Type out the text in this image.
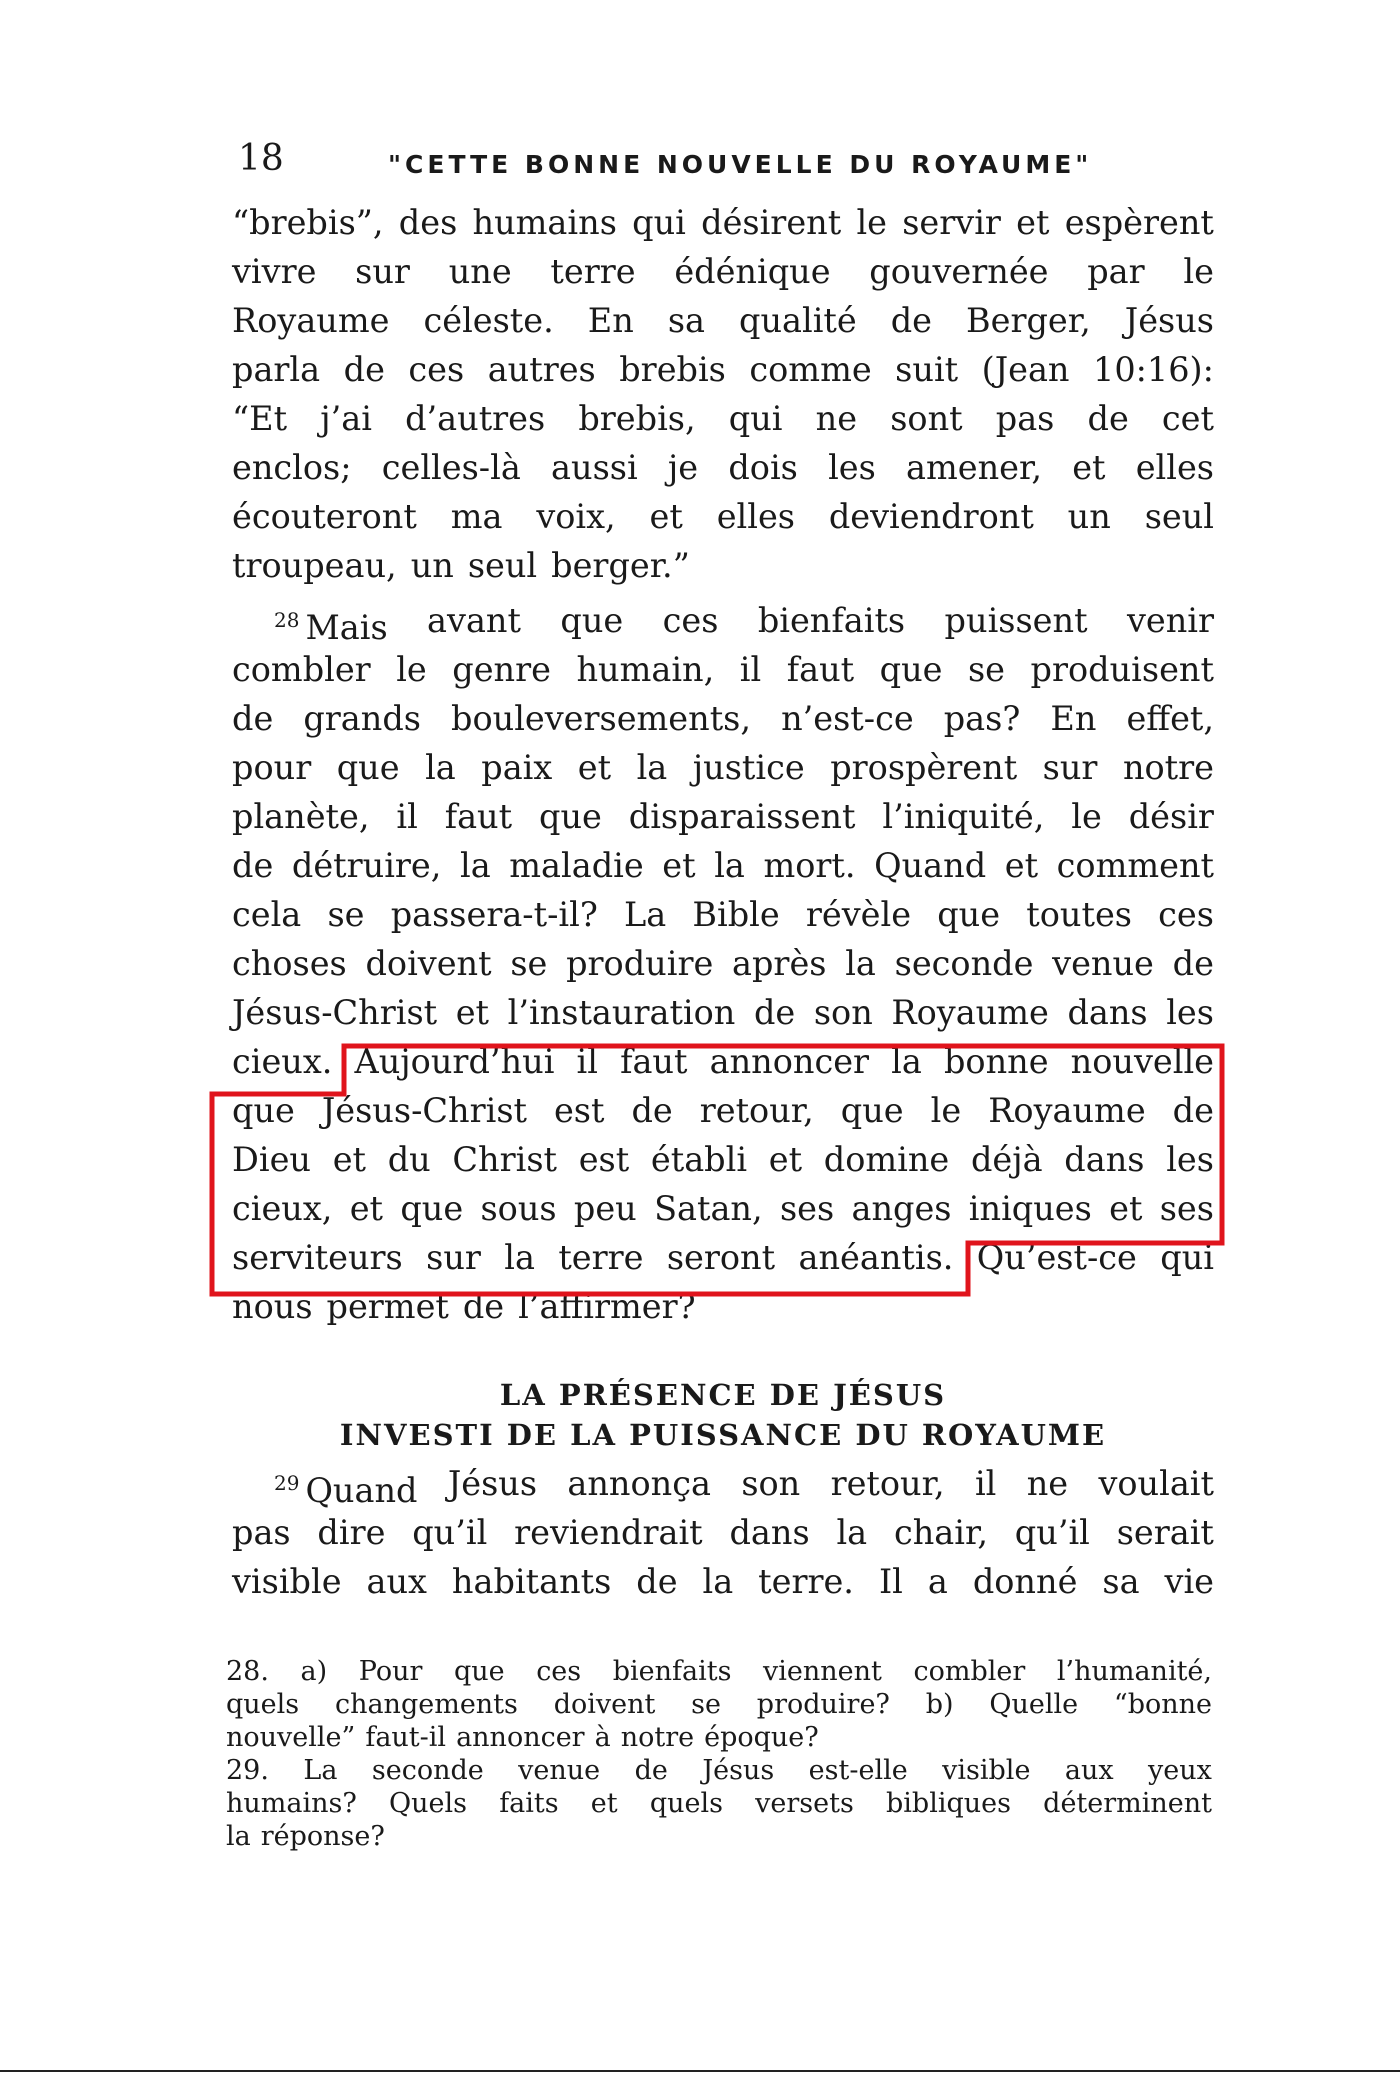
18	"CETTE BONNE NOUVELLE DU ROYAUME"
“brebis”, des humains qui désirent le servir et espèrent
vivre sur une terre édénique gouvernée par le
Royaume céleste. En sa qualité de Berger, Jésus
parla de ces autres brebis comme suit (Jean 10:16):
“Et j’ai d’autres brebis, qui ne sont pas de cet
enclos; celles-là aussi je dois les amener, et elles
écouteront ma voix, et elles deviendront un seul
troupeau, un seul berger.”
$^{28}$ Mais avant que ces bienfaits puissent venir
combler le genre humain, il faut que se produisent
de grands bouleversements, n’est-ce pas? En effet,
pour que la paix et la justice prospèrent sur notre
planète, il faut que disparaissent l’iniquité, le désir
de détruire, la maladie et la mort. Quand et comment
cela se passera-t-il? La Bible révèle que toutes ces
choses doivent se produire après la seconde venue de
Jésus-Christ et l’instauration de son Royaume dans les
cieux. Aujourd’hui il faut annoncer la bonne nouvelle
que Jésus-Christ est de retour, que le Royaume de
Dieu et du Christ est établi et domine déjà dans les
cieux, et que sous peu Satan, ses anges iniques et ses
serviteurs sur la terre seront anéantis. Qu’est-ce qui
nous permet de l’affirmer?
LA PRÉSENCE DE JÉSUS
INVESTI DE LA PUISSANCE DU ROYAUME
$^{29}$ Quand Jésus annonça son retour, il ne voulait
pas dire qu’il reviendrait dans la chair, qu’il serait
visible aux habitants de la terre. Il a donné sa vie
28. a) Pour que ces bienfaits viennent combler l’humanité,
quels changements doivent se produire? b) Quelle “bonne
nouvelle” faut-il annoncer à notre époque?
29. La seconde venue de Jésus est-elle visible aux yeux
humains? Quels faits et quels versets bibliques déterminent
la réponse?
